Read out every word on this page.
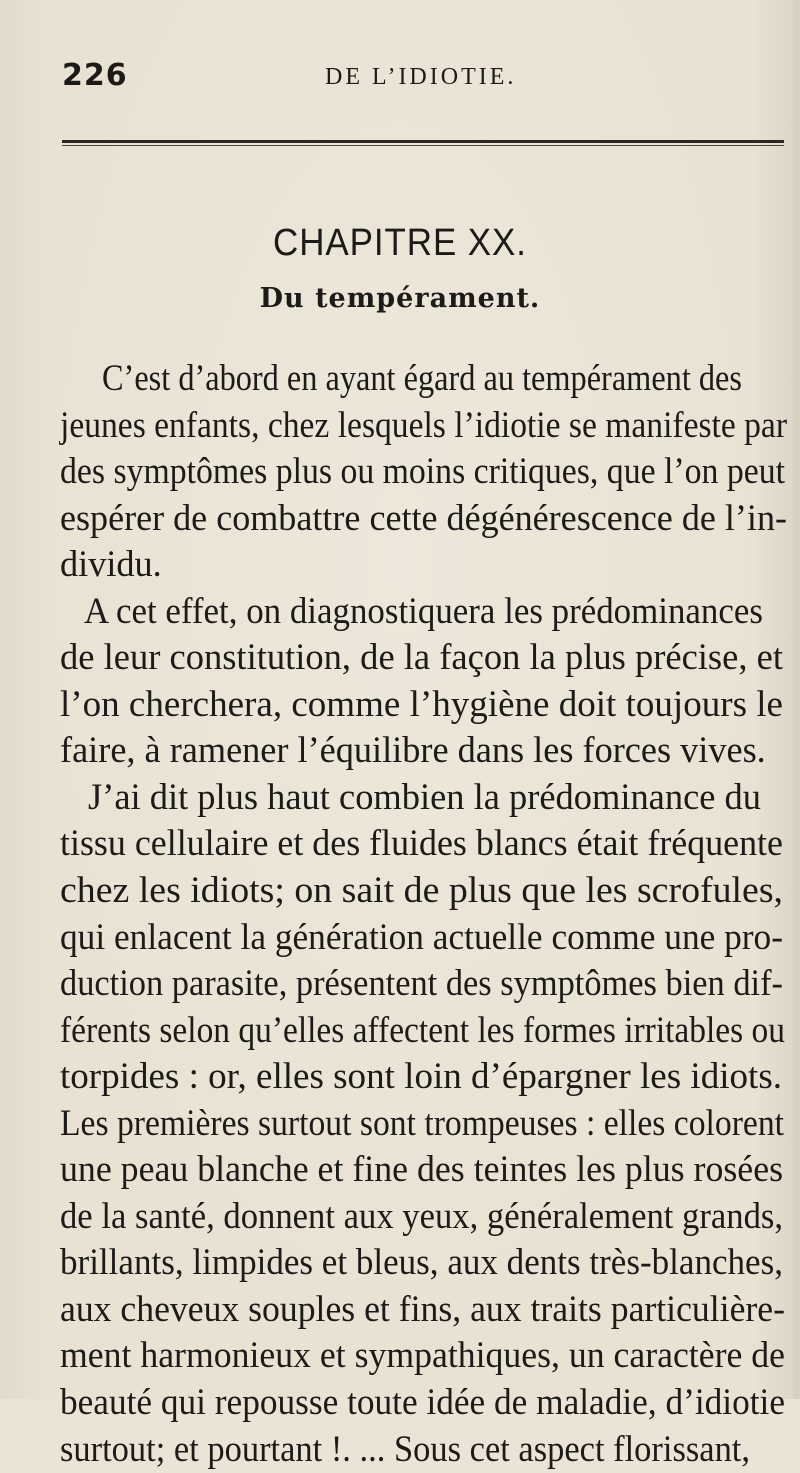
226	DE L’IDIOTIE.
CHAPITRE XX.
Du tempérament.
C’est d’abord en ayant égard au tempérament des
jeunes enfants, chez lesquels l’idiotie se manifeste par
des symptômes plus ou moins critiques, que l’on peut
espérer de combattre cette dégénérescence de l’in-
dividu.
A cet effet, on diagnostiquera les prédominances
de leur constitution, de la façon la plus précise, et
l’on cherchera, comme l’hygiène doit toujours le
faire, à ramener l’équilibre dans les forces vives.
J’ai dit plus haut combien la prédominance du
tissu cellulaire et des fluides blancs était fréquente
chez les idiots; on sait de plus que les scrofules,
qui enlacent la génération actuelle comme une pro-
duction parasite, présentent des symptômes bien dif-
férents selon qu’elles affectent les formes irritables ou
torpides : or, elles sont loin d’épargner les idiots.
Les premières surtout sont trompeuses : elles colorent
une peau blanche et fine des teintes les plus rosées
de la santé, donnent aux yeux, généralement grands,
brillants, limpides et bleus, aux dents très-blanches,
aux cheveux souples et fins, aux traits particulière-
ment harmonieux et sympathiques, un caractère de
beauté qui repousse toute idée de maladie, d’idiotie
surtout; et pourtant !. ... Sous cet aspect florissant,
